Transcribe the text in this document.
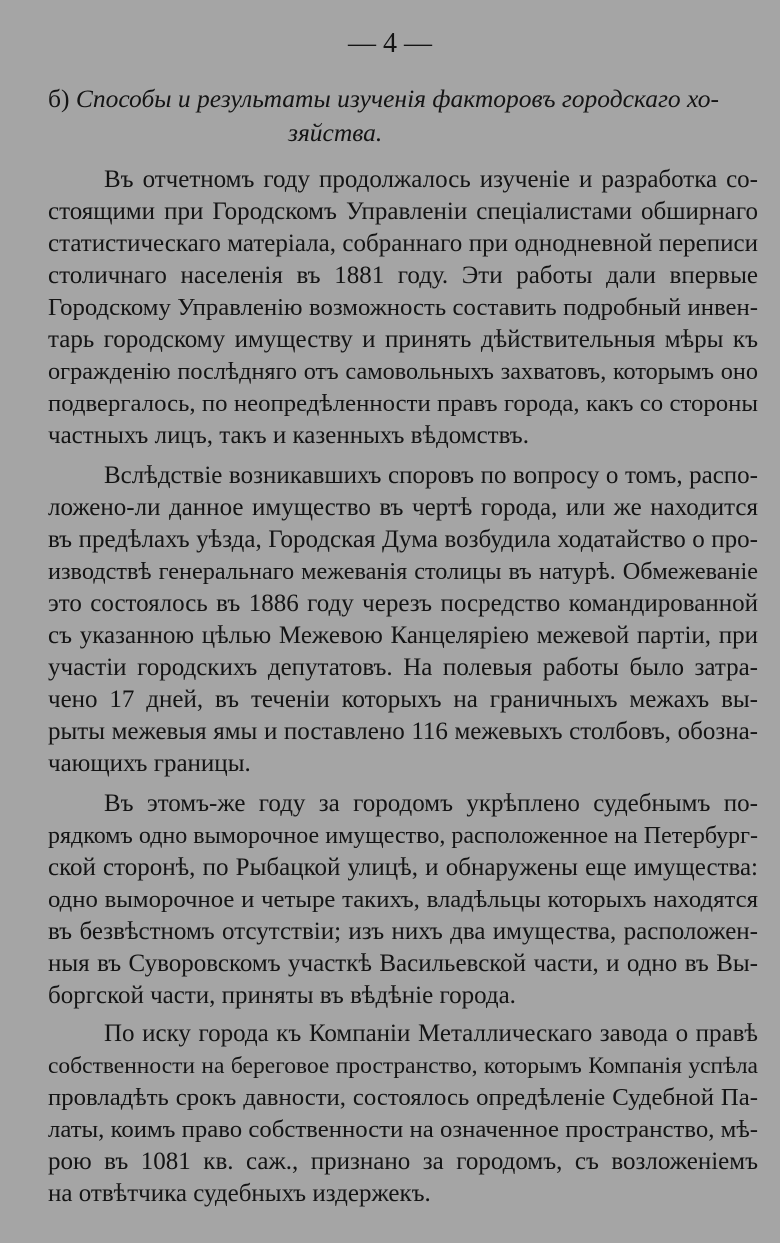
— 4 —
б) Способы и результаты изученія факторовъ городскаго хо-
зяйства.
Въ отчетномъ году продолжалось изученіе и разработка со-
стоящими при Городскомъ Управленіи спеціалистами обширнаго
статистическаго матеріала, собраннаго при однодневной переписи
столичнаго населенія въ 1881 году. Эти работы дали впервые
Городскому Управленію возможность составить подробный инвен-
тарь городскому имуществу и принять дѣйствительныя мѣры къ
огражденію послѣдняго отъ самовольныхъ захватовъ, которымъ оно
подвергалось, по неопредѣленности правъ города, какъ со стороны
частныхъ лицъ, такъ и казенныхъ вѣдомствъ.
Вслѣдствіе возникавшихъ споровъ по вопросу о томъ, распо-
ложено-ли данное имущество въ чертѣ города, или же находится
въ предѣлахъ уѣзда, Городская Дума возбудила ходатайство о про-
изводствѣ генеральнаго межеванія столицы въ натурѣ. Обмежеваніе
это состоялось въ 1886 году черезъ посредство командированной
съ указанною цѣлью Межевою Канцеляріею межевой партіи, при
участіи городскихъ депутатовъ. На полевыя работы было затра-
чено 17 дней, въ теченіи которыхъ на граничныхъ межахъ вы-
рыты межевыя ямы и поставлено 116 межевыхъ столбовъ, обозна-
чающихъ границы.
Въ этомъ-же году за городомъ укрѣплено судебнымъ по-
рядкомъ одно выморочное имущество, расположенное на Петербург-
ской сторонѣ, по Рыбацкой улицѣ, и обнаружены еще имущества:
одно выморочное и четыре такихъ, владѣльцы которыхъ находятся
въ безвѣстномъ отсутствіи; изъ нихъ два имущества, расположен-
ныя въ Суворовскомъ участкѣ Васильевской части, и одно въ Вы-
боргской части, приняты въ вѣдѣніе города.
По иску города къ Компаніи Металлическаго завода о правѣ
собственности на береговое пространство, которымъ Компанія успѣла
провладѣть срокъ давности, состоялось опредѣленіе Судебной Па-
латы, коимъ право собственности на означенное пространство, мѣ-
рою въ 1081 кв. саж., признано за городомъ, съ возложеніемъ
на отвѣтчика судебныхъ издержекъ.
